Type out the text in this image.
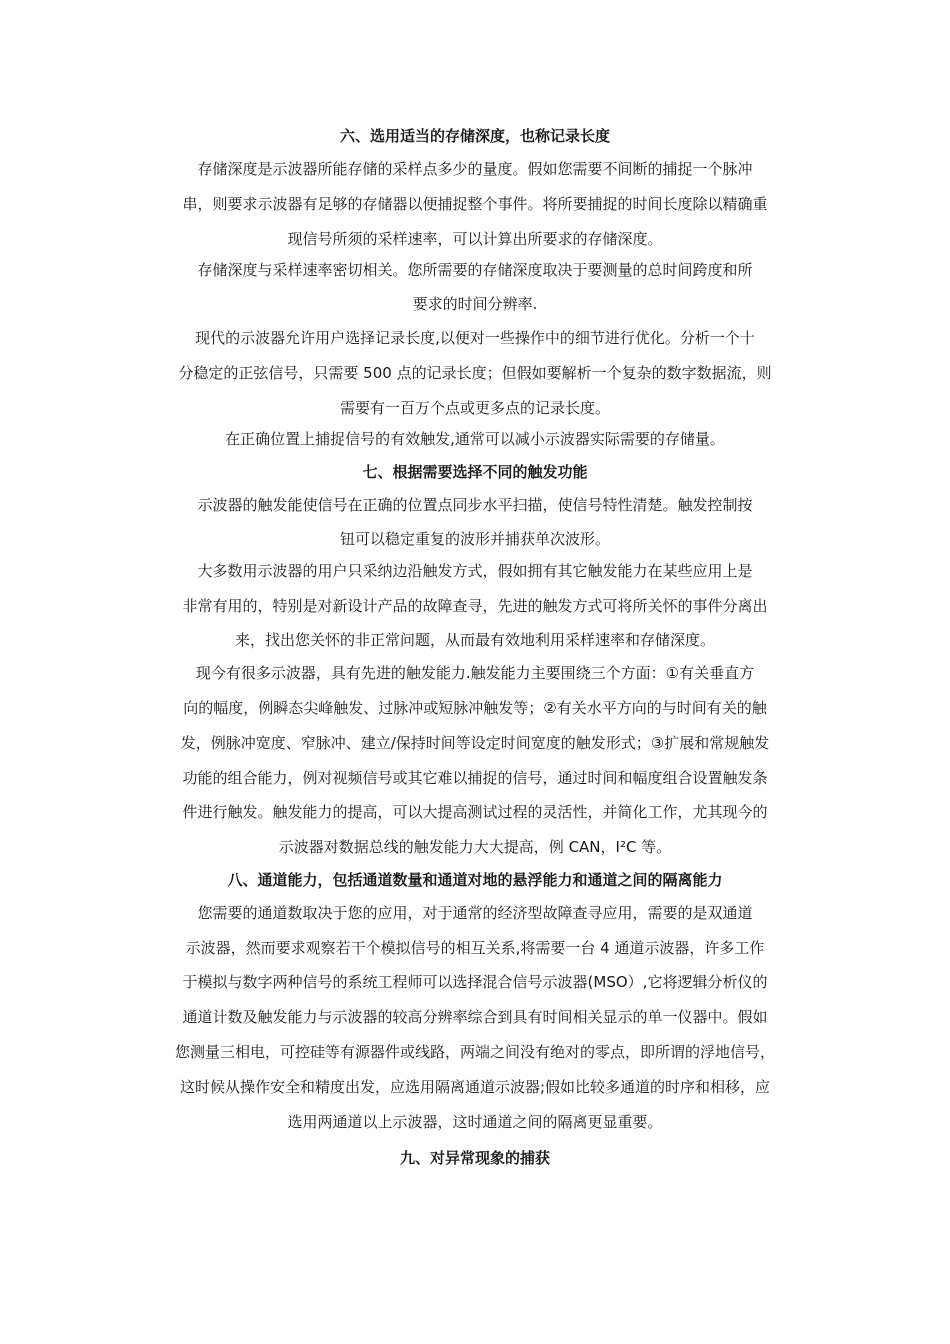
六、选用适当的存储深度，也称记录长度
存储深度是示波器所能存储的采样点多少的量度。假如您需要不间断的捕捉一个脉冲
串，则要求示波器有足够的存储器以便捕捉整个事件。将所要捕捉的时间长度除以精确重
现信号所须的采样速率，可以计算出所要求的存储深度。
存储深度与采样速率密切相关。您所需要的存储深度取决于要测量的总时间跨度和所
要求的时间分辨率.
现代的示波器允许用户选择记录长度,以便对一些操作中的细节进行优化。分析一个十
分稳定的正弦信号，只需要 500 点的记录长度；但假如要解析一个复杂的数字数据流，则
需要有一百万个点或更多点的记录长度。
在正确位置上捕捉信号的有效触发,通常可以减小示波器实际需要的存储量。
七、根据需要选择不同的触发功能
示波器的触发能使信号在正确的位置点同步水平扫描，使信号特性清楚。触发控制按
钮可以稳定重复的波形并捕获单次波形。
大多数用示波器的用户只采纳边沿触发方式，假如拥有其它触发能力在某些应用上是
非常有用的，特别是对新设计产品的故障查寻，先进的触发方式可将所关怀的事件分离出
来，找出您关怀的非正常问题，从而最有效地利用采样速率和存储深度。
现今有很多示波器，具有先进的触发能力.触发能力主要围绕三个方面：①有关垂直方
向的幅度，例瞬态尖峰触发、过脉冲或短脉冲触发等；②有关水平方向的与时间有关的触
发，例脉冲宽度、窄脉冲、建立/保持时间等设定时间宽度的触发形式；③扩展和常规触发
功能的组合能力，例对视频信号或其它难以捕捉的信号，通过时间和幅度组合设置触发条
件进行触发。触发能力的提高，可以大提高测试过程的灵活性，并简化工作，尤其现今的
示波器对数据总线的触发能力大大提高，例 CAN，I²C 等。
八、通道能力，包括通道数量和通道对地的悬浮能力和通道之间的隔离能力
您需要的通道数取决于您的应用，对于通常的经济型故障查寻应用，需要的是双通道
示波器，然而要求观察若干个模拟信号的相互关系,将需要一台 4 通道示波器，许多工作
于模拟与数字两种信号的系统工程师可以选择混合信号示波器(MSO）,它将逻辑分析仪的
通道计数及触发能力与示波器的较高分辨率综合到具有时间相关显示的单一仪器中。假如
您测量三相电，可控硅等有源器件或线路，两端之间没有绝对的零点，即所谓的浮地信号，
这时候从操作安全和精度出发，应选用隔离通道示波器;假如比较多通道的时序和相移，应
选用两通道以上示波器，这时通道之间的隔离更显重要。
九、对异常现象的捕获
